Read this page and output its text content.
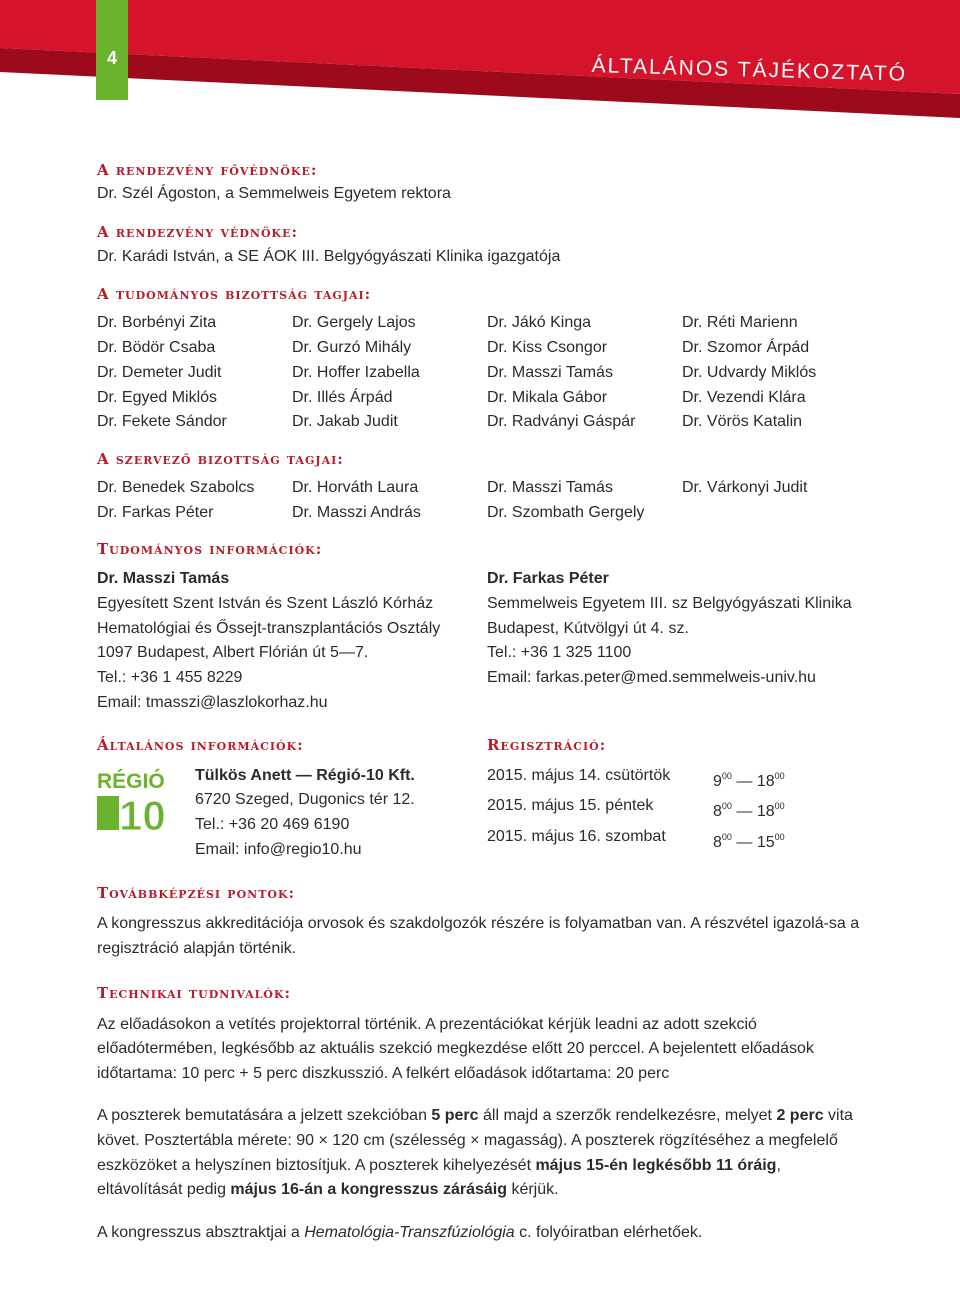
4	ÁLTALÁNOS TÁJÉKOZTATÓ

A rendezvény fővédnöke:

Dr. Szél Ágoston, a Semmelweis Egyetem rektora

A rendezvény védnöke:

Dr. Karádi István, a SE ÁOK III. Belgyógyászati Klinika igazgatója

A tudományos bizottság tagjai:

Dr. Borbényi Zita	Dr. Gergely Lajos	Dr. Jákó Kinga	Dr. Réti Marienn
Dr. Bödör Csaba	Dr. Gurzó Mihály	Dr. Kiss Csongor	Dr. Szomor Árpád
Dr. Demeter Judit	Dr. Hoffer Izabella	Dr. Masszi Tamás	Dr. Udvardy Miklós
Dr. Egyed Miklós	Dr. Illés Árpád	Dr. Mikala Gábor	Dr. Vezendi Klára
Dr. Fekete Sándor	Dr. Jakab Judit	Dr. Radványi Gáspár	Dr. Vörös Katalin

A szervező bizottság tagjai:

Dr. Benedek Szabolcs	Dr. Horváth Laura	Dr. Masszi Tamás	Dr. Várkonyi Judit
Dr. Farkas Péter	Dr. Masszi András	Dr. Szombath Gergely

Tudományos információk:

Dr. Masszi Tamás

Egyesített Szent István és Szent László Kórház

Hematológiai és Őssejt-transzplantációs Osztály

1097 Budapest, Albert Flórián út 5—7.

Tel.: +36 1 455 8229

Email: tmasszi@laszlokorhaz.hu

Dr. Farkas Péter

Semmelweis Egyetem III. sz Belgyógyászati Klinika

Budapest, Kútvölgyi út 4. sz.

Tel.: +36 1 325 1100

Email: farkas.peter@med.semmelweis-univ.hu

Általános információk:

RÉGIÓ
10

Tülkös Anett — Régió-10 Kft.

6720 Szeged, Dugonics tér 12.

Tel.: +36 20 469 6190

Email: info@regio10.hu

Regisztráció:

2015. május 14. csütörtök	$9^{00}$ — $18^{00}$
2015. május 15. péntek	$8^{00}$ — $18^{00}$
2015. május 16. szombat	$8^{00}$ — $15^{00}$

Továbbképzési pontok:

A kongresszus akkreditációja orvosok és szakdolgozók részére is folyamatban van. A részvétel igazolá-sa a regisztráció alapján történik.

Technikai tudnivalók:

Az előadásokon a vetítés projektorral történik. A prezentációkat kérjük leadni az adott szekció előadótermében, legkésőbb az aktuális szekció megkezdése előtt 20 perccel. A bejelentett előadások időtartama: 10 perc + 5 perc diszkusszió. A felkért előadások időtartama: 20 perc

A poszterek bemutatására a jelzett szekcióban 5 perc áll majd a szerzők rendelkezésre, melyet 2 perc vita követ. Posztertábla mérete: 90 × 120 cm (szélesség × magasság). A poszterek rögzítéséhez a megfelelő eszközöket a helyszínen biztosítjuk. A poszterek kihelyezését május 15-én legkésőbb 11 óráig, eltávolítását pedig május 16-án a kongresszus zárásáig kérjük.

A kongresszus absztraktjai a Hematológia-Transzfúziológia c. folyóiratban elérhetőek.
